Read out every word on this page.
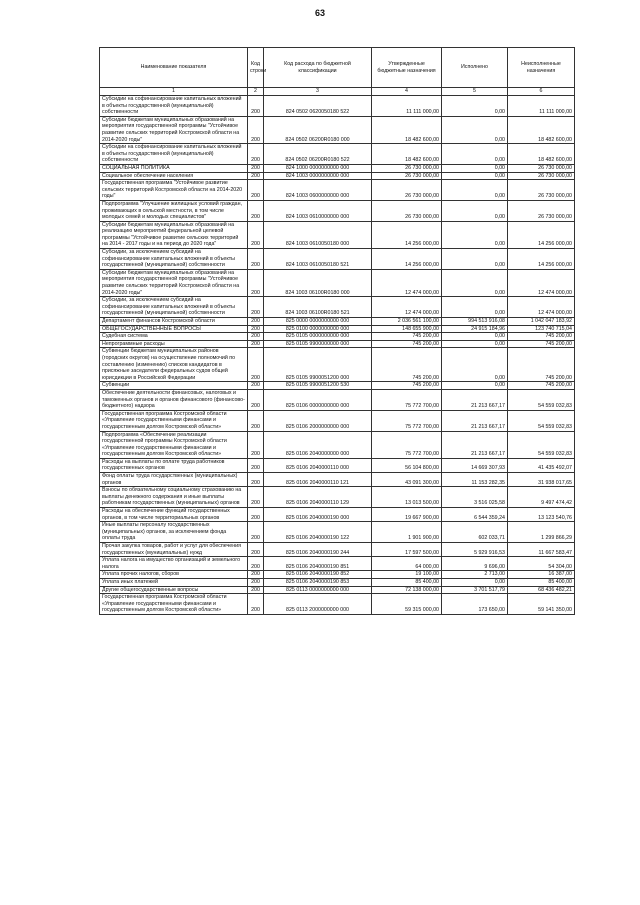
63
Наименование показателя	Код строки	Код расхода по бюджетной классификации	Утвержденные бюджетные назначения	Исполнено	Неисполненные назначения
1	2	3	4	5	6
Субсидии на софинансирование капитальных вложений в объекты государственной (муниципальной) собственности	200	824 0502 0620050180 522	11 111 000,00	0,00	11 111 000,00
Субсидии бюджетам муниципальных образований на мероприятия государственной программы "Устойчивое развитие сельских территорий Костромской области на 2014-2020 годы"	200	824 0502 06200R0180 000	18 482 600,00	0,00	18 482 600,00
Субсидии на софинансирование капитальных вложений в объекты государственной (муниципальной) собственности	200	824 0502 06200R0180 522	18 482 600,00	0,00	18 482 600,00
СОЦИАЛЬНАЯ ПОЛИТИКА	200	824 1000 0000000000 000	26 730 000,00	0,00	26 730 000,00
Социальное обеспечение населения	200	824 1003 0000000000 000	26 730 000,00	0,00	26 730 000,00
Государственная программа "Устойчивое развитие сельских территорий Костромской области на 2014-2020 годы"	200	824 1003 0600000000 000	26 730 000,00	0,00	26 730 000,00
Подпрограмма "Улучшение жилищных условий граждан, проживающих в сельской местности, в том числе молодых семей и молодых специалистов"	200	824 1003 0610000000 000	26 730 000,00	0,00	26 730 000,00
Субсидии бюджетам муниципальных образований на реализацию мероприятий федеральной целевой программы "Устойчивое развитие сельских территорий на 2014 - 2017 годы и на период до 2020 года"	200	824 1003 0610050180 000	14 256 000,00	0,00	14 256 000,00
Субсидии, за исключением субсидий на софинансирование капитальных вложений в объекты государственной (муниципальной) собственности	200	824 1003 0610050180 521	14 256 000,00	0,00	14 256 000,00
Субсидии бюджетам муниципальных образований на мероприятия государственной программы "Устойчивое развитие сельских территорий Костромской области на 2014-2020 годы"	200	824 1003 06100R0180 000	12 474 000,00	0,00	12 474 000,00
Субсидии, за исключением субсидий на софинансирование капитальных вложений в объекты государственной (муниципальной) собственности	200	824 1003 06100R0180 521	12 474 000,00	0,00	12 474 000,00
Департамент финансов Костромской области	200	825 0000 0000000000 000	2 036 561 100,00	994 513 916,08	1 042 047 183,92
ОБЩЕГОСУДАРСТВЕННЫЕ ВОПРОСЫ	200	825 0100 0000000000 000	148 655 900,00	24 915 184,96	123 740 715,04
Судебная система	200	825 0105 0000000000 000	745 200,00	0,00	745 200,00
Непрограммные расходы	200	825 0105 9900000000 000	745 200,00	0,00	745 200,00
Субвенции бюджетам муниципальных районов (городских округов) на осуществление полномочий по составлению (изменению) списков кандидатов в присяжные заседатели федеральных судов общей юрисдикции в Российской Федерации	200	825 0105 9900051200 000	745 200,00	0,00	745 200,00
Субвенции	200	825 0105 9900051200 530	745 200,00	0,00	745 200,00
Обеспечение деятельности финансовых, налоговых и таможенных органов и органов финансового (финансово-бюджетного) надзора	200	825 0106 0000000000 000	75 772 700,00	21 213 667,17	54 559 032,83
Государственная программа Костромской области «Управление государственными финансами и государственным долгом Костромской области»	200	825 0106 2000000000 000	75 772 700,00	21 213 667,17	54 559 032,83
Подпрограмма «Обеспечение реализации государственной программы Костромской области «Управление государственными финансами и государственным долгом Костромской области»	200	825 0106 2040000000 000	75 772 700,00	21 213 667,17	54 559 032,83
Расходы на выплаты по оплате труда работников государственных органов	200	825 0106 2040000110 000	56 104 800,00	14 669 307,93	41 435 492,07
Фонд оплаты труда государственных (муниципальных) органов	200	825 0106 2040000110 121	43 091 300,00	11 153 282,35	31 938 017,65
Взносы по обязательному социальному страхованию на выплаты денежного содержания и иные выплаты работникам государственных (муниципальных) органов	200	825 0106 2040000110 129	13 013 500,00	3 516 025,58	9 497 474,42
Расходы на обеспечение функций государственных органов, в том числе территориальных органов	200	825 0106 2040000190 000	19 667 900,00	6 544 359,24	13 123 540,76
Иные выплаты персоналу государственных (муниципальных) органов, за исключением фонда оплаты труда	200	825 0106 2040000190 122	1 901 900,00	602 033,71	1 299 866,29
Прочая закупка товаров, работ и услуг для обеспечения государственных (муниципальных) нужд	200	825 0106 2040000190 244	17 597 500,00	5 929 916,53	11 667 583,47
Уплата налога на имущество организаций и земельного налога	200	825 0106 2040000190 851	64 000,00	9 696,00	54 304,00
Уплата прочих налогов, сборов	200	825 0106 2040000190 852	19 100,00	2 713,00	16 387,00
Уплата иных платежей	200	825 0106 2040000190 853	85 400,00	0,00	85 400,00
Другие общегосударственные вопросы	200	825 0113 0000000000 000	72 138 000,00	3 701 517,79	68 436 482,21
Государственная программа Костромской области «Управление государственными финансами и государственным долгом Костромской области»	200	825 0113 2000000000 000	59 315 000,00	173 650,00	59 141 350,00
